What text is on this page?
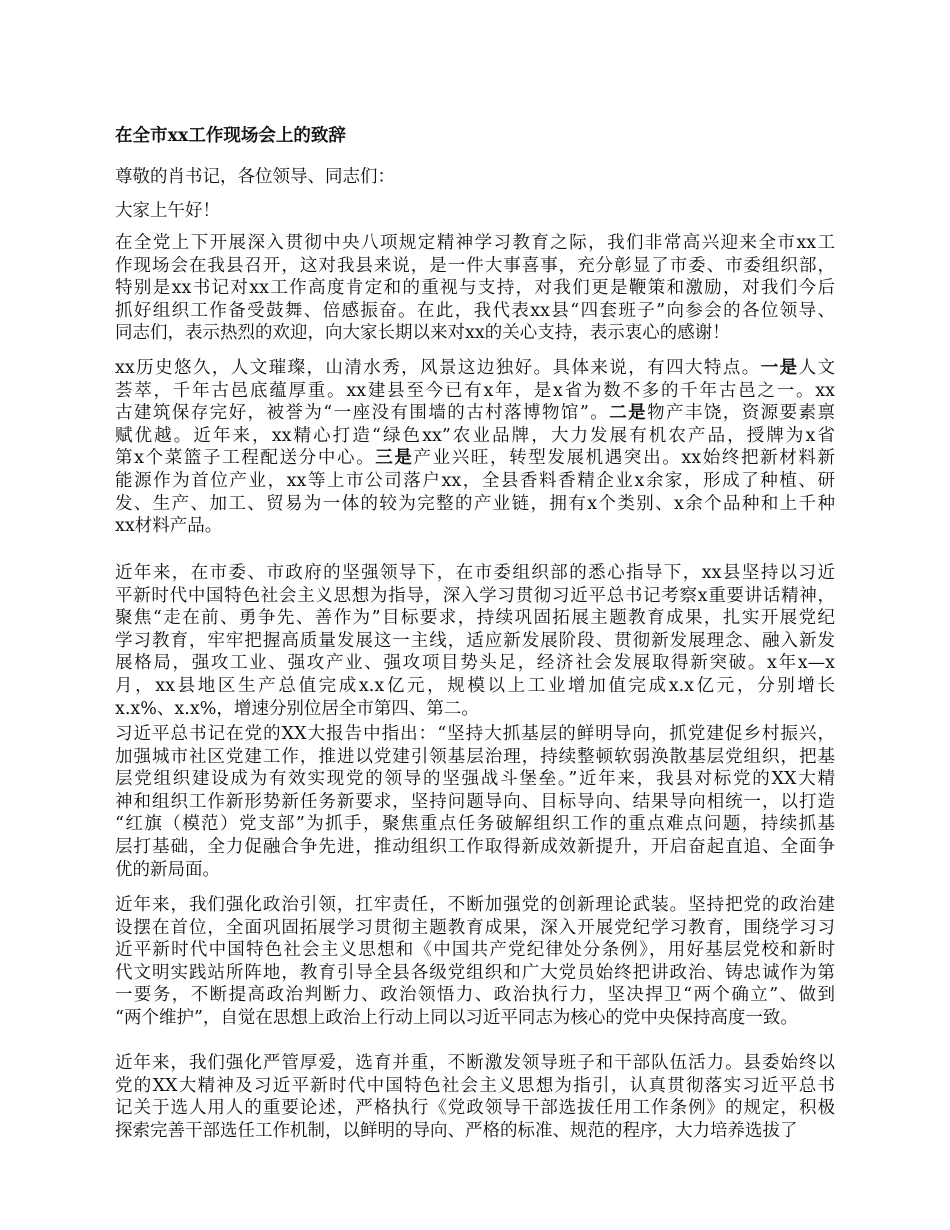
在全市xx工作现场会上的致辞
尊敬的肖书记，各位领导、同志们：
大家上午好！
在全党上下开展深入贯彻中央八项规定精神学习教育之际，我们非常高兴迎来全市xx工
作现场会在我县召开，这对我县来说，是一件大事喜事，充分彰显了市委、市委组织部，
特别是xx书记对xx工作高度肯定和的重视与支持，对我们更是鞭策和激励，对我们今后
抓好组织工作备受鼓舞、倍感振奋。在此，我代表xx县“四套班子”向参会的各位领导、
同志们，表示热烈的欢迎，向大家长期以来对xx的关心支持，表示衷心的感谢！
xx历史悠久，人文璀璨，山清水秀，风景这边独好。具体来说，有四大特点。一是人文
荟萃，千年古邑底蕴厚重。xx建县至今已有x年，是x省为数不多的千年古邑之一。xx
古建筑保存完好，被誉为“一座没有围墙的古村落博物馆”。二是物产丰饶，资源要素禀
赋优越。近年来，xx精心打造“绿色xx”农业品牌，大力发展有机农产品，授牌为x省
第x个菜篮子工程配送分中心。三是产业兴旺，转型发展机遇突出。xx始终把新材料新
能源作为首位产业，xx等上市公司落户xx，全县香料香精企业x余家，形成了种植、研
发、生产、加工、贸易为一体的较为完整的产业链，拥有x个类别、x余个品种和上千种
xx材料产品。
近年来，在市委、市政府的坚强领导下，在市委组织部的悉心指导下，xx县坚持以习近
平新时代中国特色社会主义思想为指导，深入学习贯彻习近平总书记考察x重要讲话精神，
聚焦“走在前、勇争先、善作为”目标要求，持续巩固拓展主题教育成果，扎实开展党纪
学习教育，牢牢把握高质量发展这一主线，适应新发展阶段、贯彻新发展理念、融入新发
展格局，强攻工业、强攻产业、强攻项目势头足，经济社会发展取得新突破。x年x—x
月，xx县地区生产总值完成x.x亿元，规模以上工业增加值完成x.x亿元，分别增长
x.x%、x.x%，增速分别位居全市第四、第二。
习近平总书记在党的XX大报告中指出：“坚持大抓基层的鲜明导向，抓党建促乡村振兴，
加强城市社区党建工作，推进以党建引领基层治理，持续整顿软弱涣散基层党组织，把基
层党组织建设成为有效实现党的领导的坚强战斗堡垒。”近年来，我县对标党的XX大精
神和组织工作新形势新任务新要求，坚持问题导向、目标导向、结果导向相统一，以打造
“红旗（模范）党支部”为抓手，聚焦重点任务破解组织工作的重点难点问题，持续抓基
层打基础，全力促融合争先进，推动组织工作取得新成效新提升，开启奋起直追、全面争
优的新局面。
近年来，我们强化政治引领，扛牢责任，不断加强党的创新理论武装。坚持把党的政治建
设摆在首位，全面巩固拓展学习贯彻主题教育成果，深入开展党纪学习教育，围绕学习习
近平新时代中国特色社会主义思想和《中国共产党纪律处分条例》，用好基层党校和新时
代文明实践站所阵地，教育引导全县各级党组织和广大党员始终把讲政治、铸忠诚作为第
一要务，不断提高政治判断力、政治领悟力、政治执行力，坚决捍卫“两个确立”、做到
“两个维护”，自觉在思想上政治上行动上同以习近平同志为核心的党中央保持高度一致。
近年来，我们强化严管厚爱，选育并重，不断激发领导班子和干部队伍活力。县委始终以
党的XX大精神及习近平新时代中国特色社会主义思想为指引，认真贯彻落实习近平总书
记关于选人用人的重要论述，严格执行《党政领导干部选拔任用工作条例》的规定，积极
探索完善干部选任工作机制，以鲜明的导向、严格的标准、规范的程序，大力培养选拔了
